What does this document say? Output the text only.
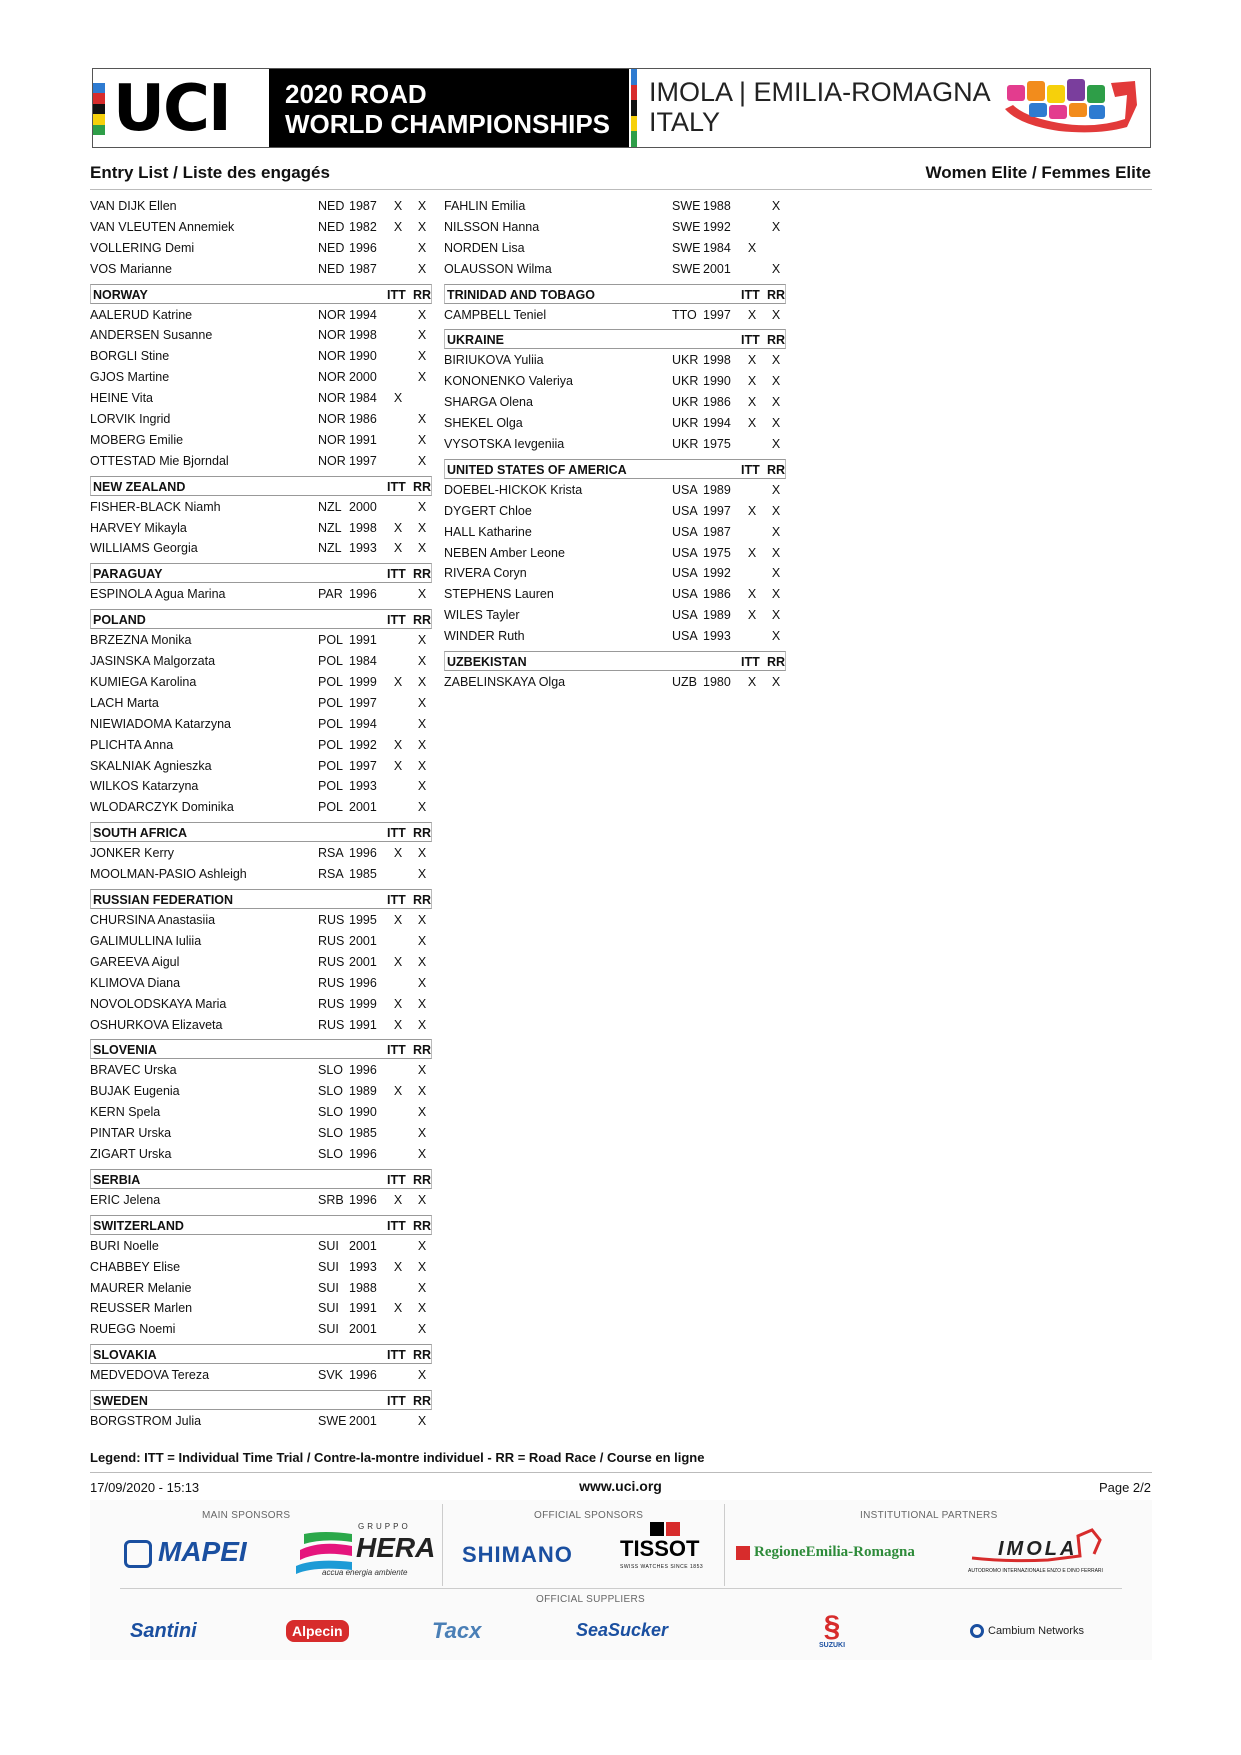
UCI 2020 ROAD
WORLD CHAMPIONSHIPS
IMOLA | EMILIA-ROMAGNA
ITALY
Entry List / Liste des engagés	Women Elite / Femmes Elite
VAN DIJK Ellen	NED 1987 X X
VAN VLEUTEN Annemiek	NED 1982 X X
VOLLERING Demi	NED 1996	X
VOS Marianne	NED 1987	X
NORWAY	ITT RR
AALERUD Katrine	NOR 1994	X
ANDERSEN Susanne	NOR 1998	X
BORGLI Stine	NOR 1990	X
GJOS Martine	NOR 2000	X
HEINE Vita	NOR 1984 X
LORVIK Ingrid	NOR 1986	X
MOBERG Emilie	NOR 1991	X
OTTESTAD Mie Bjorndal	NOR 1997	X
NEW ZEALAND	ITT RR
FISHER-BLACK Niamh	NZL 2000	X
HARVEY Mikayla	NZL 1998 X X
WILLIAMS Georgia	NZL 1993 X X
PARAGUAY	ITT RR
ESPINOLA Agua Marina	PAR 1996	X
POLAND	ITT RR
BRZEZNA Monika	POL 1991	X
JASINSKA Malgorzata	POL 1984	X
KUMIEGA Karolina	POL 1999 X X
LACH Marta	POL 1997	X
NIEWIADOMA Katarzyna	POL 1994	X
PLICHTA Anna	POL 1992 X X
SKALNIAK Agnieszka	POL 1997 X X
WILKOS Katarzyna	POL 1993	X
WLODARCZYK Dominika	POL 2001	X
SOUTH AFRICA	ITT RR
JONKER Kerry	RSA 1996 X X
MOOLMAN-PASIO Ashleigh	RSA 1985	X
RUSSIAN FEDERATION	ITT RR
CHURSINA Anastasiia	RUS 1995 X X
GALIMULLINA Iuliia	RUS 2001	X
GAREEVA Aigul	RUS 2001 X X
KLIMOVA Diana	RUS 1996	X
NOVOLODSKAYA Maria	RUS 1999 X X
OSHURKOVA Elizaveta	RUS 1991 X X
SLOVENIA	ITT RR
BRAVEC Urska	SLO 1996	X
BUJAK Eugenia	SLO 1989 X X
KERN Spela	SLO 1990	X
PINTAR Urska	SLO 1985	X
ZIGART Urska	SLO 1996	X
SERBIA	ITT RR
ERIC Jelena	SRB 1996 X X
SWITZERLAND	ITT RR
BURI Noelle	SUI 2001	X
CHABBEY Elise	SUI 1993 X X
MAURER Melanie	SUI 1988	X
REUSSER Marlen	SUI 1991 X X
RUEGG Noemi	SUI 2001	X
SLOVAKIA	ITT RR
MEDVEDOVA Tereza	SVK 1996	X
SWEDEN	ITT RR
BORGSTROM Julia	SWE 2001	X
FAHLIN Emilia	SWE 1988	X
NILSSON Hanna	SWE 1992	X
NORDEN Lisa	SWE 1984 X
OLAUSSON Wilma	SWE 2001	X
TRINIDAD AND TOBAGO	ITT RR
CAMPBELL Teniel	TTO 1997 X X
UKRAINE	ITT RR
BIRIUKOVA Yuliia	UKR 1998 X X
KONONENKO Valeriya	UKR 1990 X X
SHARGA Olena	UKR 1986 X X
SHEKEL Olga	UKR 1994 X X
VYSOTSKA Ievgeniia	UKR 1975	X
UNITED STATES OF AMERICA	ITT RR
DOEBEL-HICKOK Krista	USA 1989	X
DYGERT Chloe	USA 1997 X X
HALL Katharine	USA 1987	X
NEBEN Amber Leone	USA 1975 X X
RIVERA Coryn	USA 1992	X
STEPHENS Lauren	USA 1986 X X
WILES Tayler	USA 1989 X X
WINDER Ruth	USA 1993	X
UZBEKISTAN	ITT RR
ZABELINSKAYA Olga	UZB 1980 X X
Legend: ITT = Individual Time Trial / Contre-la-montre individuel - RR = Road Race / Course en ligne
17/09/2020 - 15:13	www.uci.org	Page 2/2
MAIN SPONSORS	OFFICIAL SPONSORS	INSTITUTIONAL PARTNERS
OFFICIAL SUPPLIERS
MAPEI
GRUPPO
HERA
accua energia ambiente
SHIMANO TISSOT
SWISS WATCHES SINCE 1853
RegioneEmilia-Romagna	IMOLA
AUTODROMO INTERNAZIONALE ENZO E DINO FERRARI
Santini	Alpecin	Tacx	SeaSucker	§
SUZUKI
Cambium Networks
